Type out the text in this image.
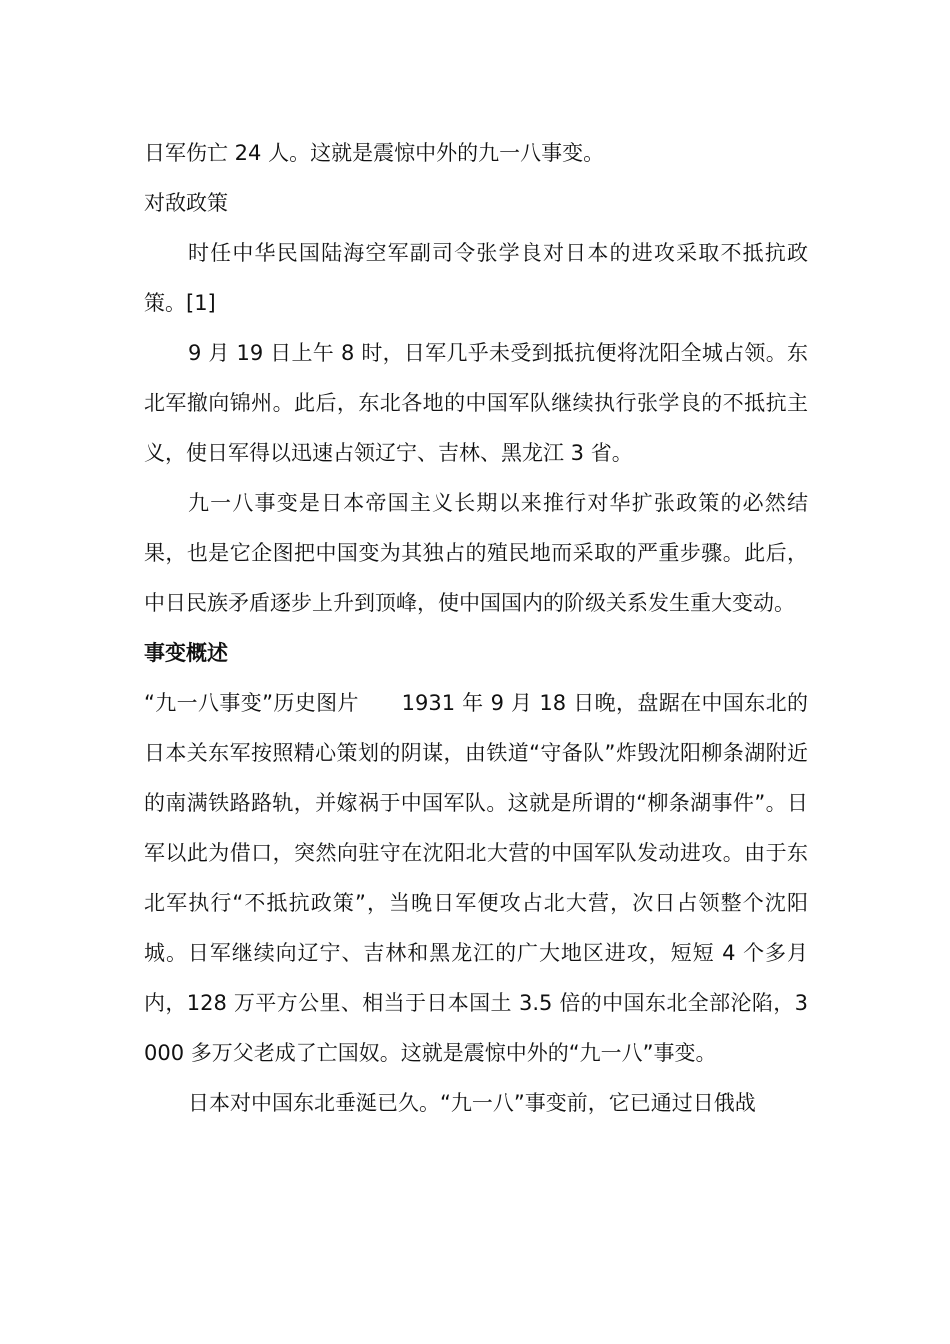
日军伤亡 24 人。这就是震惊中外的九一八事变。

对敌政策

时任中华民国陆海空军副司令张学良对日本的进攻采取不抵抗政策。[1]

9 月 19 日上午 8 时，日军几乎未受到抵抗便将沈阳全城占领。东北军撤向锦州。此后，东北各地的中国军队继续执行张学良的不抵抗主义，使日军得以迅速占领辽宁、吉林、黑龙江 3 省。

九一八事变是日本帝国主义长期以来推行对华扩张政策的必然结果，也是它企图把中国变为其独占的殖民地而采取的严重步骤。此后，中日民族矛盾逐步上升到顶峰，使中国国内的阶级关系发生重大变动。

事变概述

“九一八事变”历史图片　　1931 年 9 月 18 日晚，盘踞在中国东北的日本关东军按照精心策划的阴谋，由铁道“守备队”炸毁沈阳柳条湖附近的南满铁路路轨，并嫁祸于中国军队。这就是所谓的“柳条湖事件”。日军以此为借口，突然向驻守在沈阳北大营的中国军队发动进攻。由于东北军执行“不抵抗政策”，当晚日军便攻占北大营，次日占领整个沈阳城。日军继续向辽宁、吉林和黑龙江的广大地区进攻，短短 4 个多月内，128 万平方公里、相当于日本国土 3.5 倍的中国东北全部沦陷，3000 多万父老成了亡国奴。这就是震惊中外的“九一八”事变。

日本对中国东北垂涎已久。“九一八”事变前，它已通过日俄战
